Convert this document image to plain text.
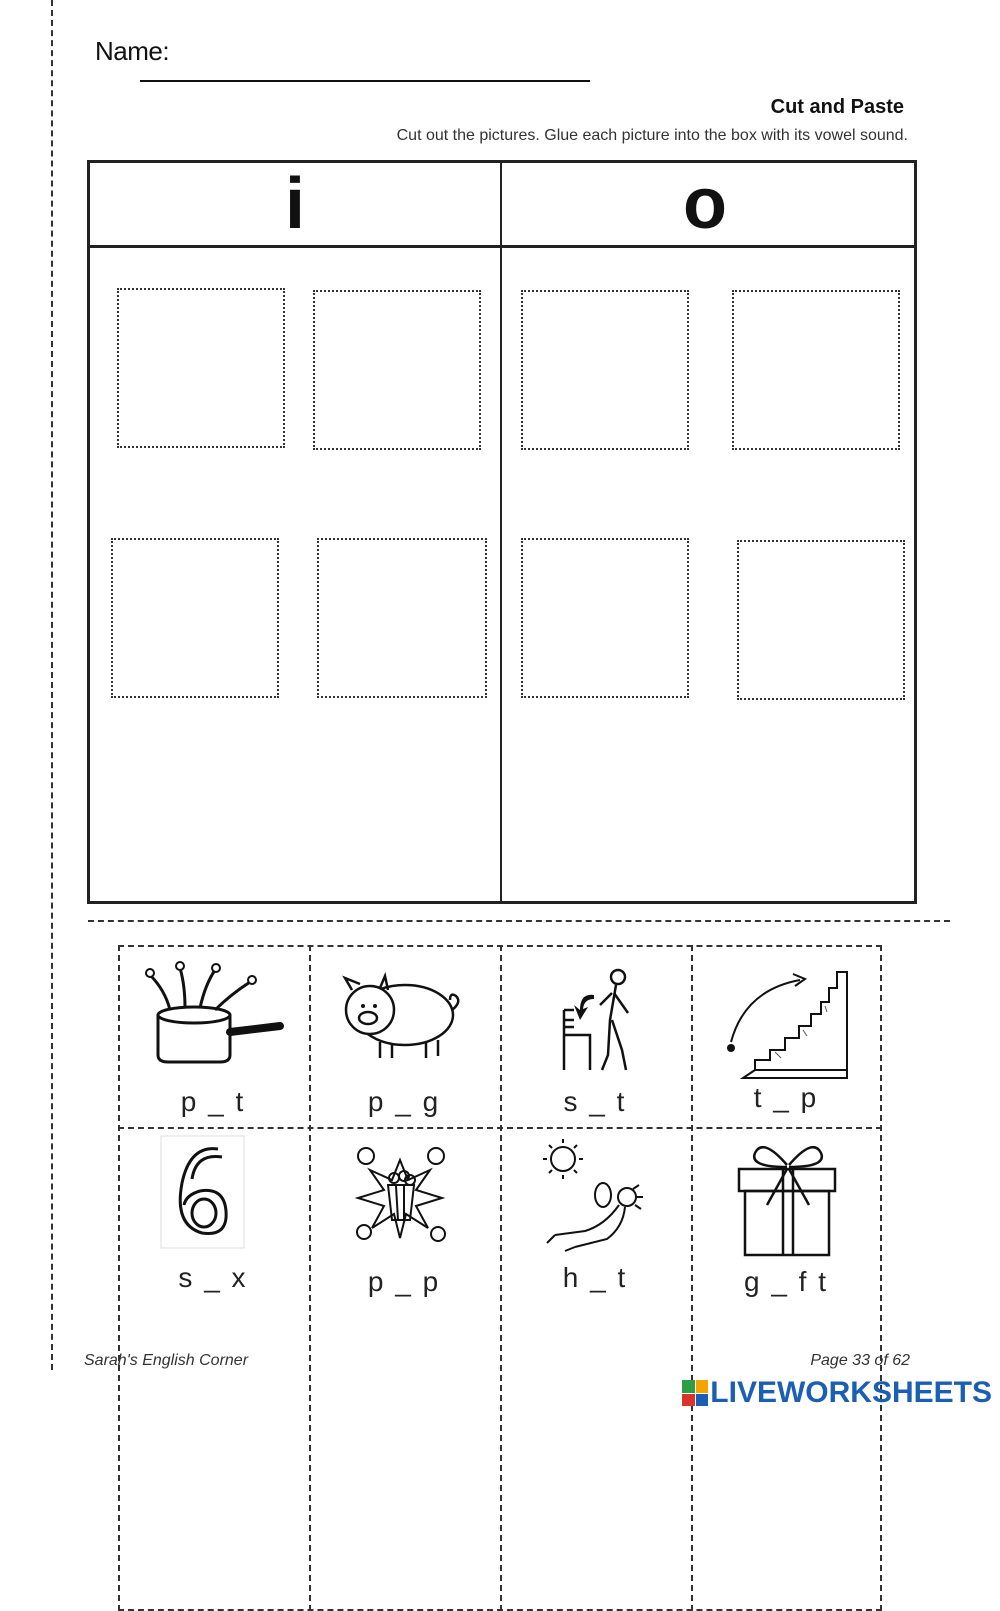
Name:
Cut and Paste
Cut out the pictures. Glue each picture into the box with its vowel sound.
i	o
p _ t	p _ g	s _ t	t _ p
s _ x	p _ p	h _ t	g _ f t
Sarah's English Corner	Page 33 of 62
LIVEWORKSHEETS
